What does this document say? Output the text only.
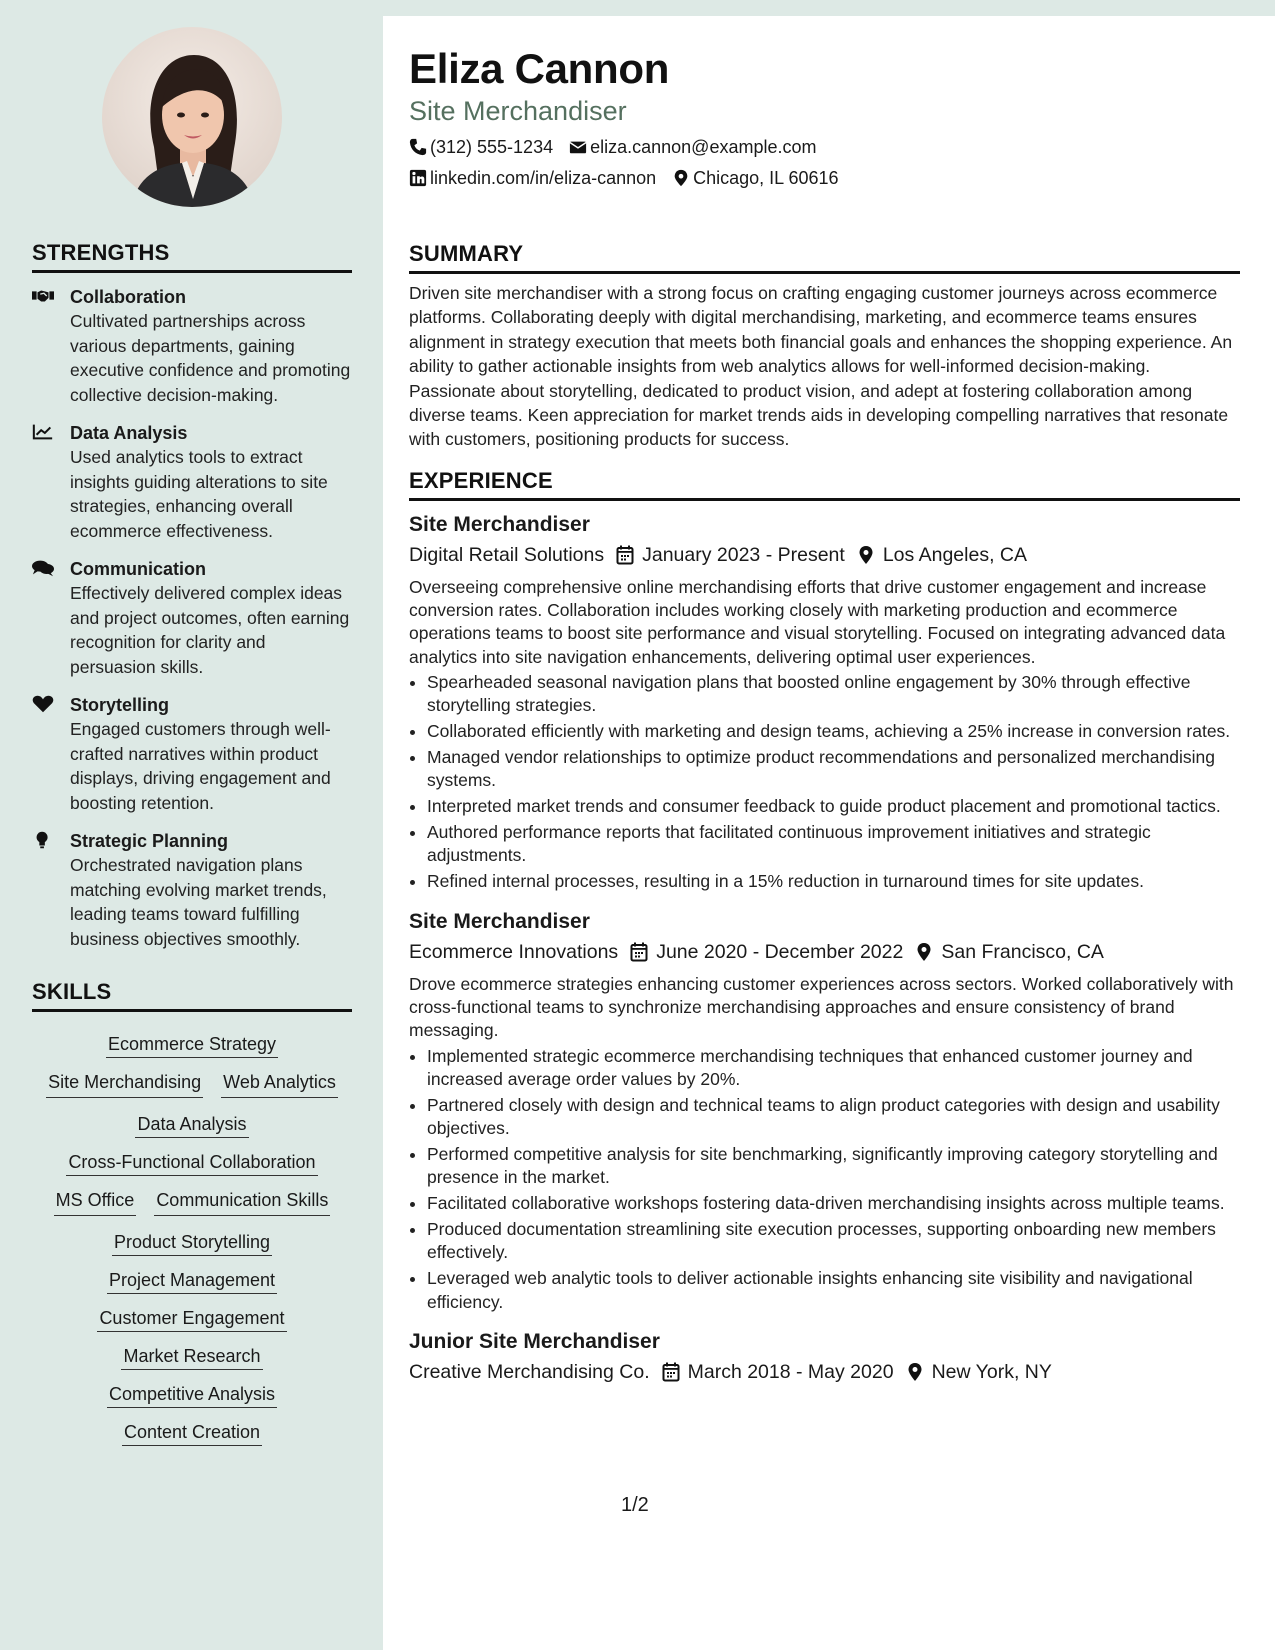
STRENGTHS
Collaboration
Cultivated partnerships across various departments, gaining executive confidence and promoting collective decision-making.
Data Analysis
Used analytics tools to extract insights guiding alterations to site strategies, enhancing overall ecommerce effectiveness.
Communication
Effectively delivered complex ideas and project outcomes, often earning recognition for clarity and persuasion skills.
Storytelling
Engaged customers through well-crafted narratives within product displays, driving engagement and boosting retention.
Strategic Planning
Orchestrated navigation plans matching evolving market trends, leading teams toward fulfilling business objectives smoothly.
SKILLS
Ecommerce Strategy
Site Merchandising Web Analytics
Data Analysis
Cross-Functional Collaboration
MS Office Communication Skills
Product Storytelling
Project Management
Customer Engagement
Market Research
Competitive Analysis
Content Creation
Eliza Cannon
Site Merchandiser
(312) 555-1234 eliza.cannon@example.com
linkedin.com/in/eliza-cannon Chicago, IL 60616
SUMMARY
Driven site merchandiser with a strong focus on crafting engaging customer journeys across ecommerce platforms. Collaborating deeply with digital merchandising, marketing, and ecommerce teams ensures alignment in strategy execution that meets both financial goals and enhances the shopping experience. An ability to gather actionable insights from web analytics allows for well-informed decision-making. Passionate about storytelling, dedicated to product vision, and adept at fostering collaboration among diverse teams. Keen appreciation for market trends aids in developing compelling narratives that resonate with customers, positioning products for success.
EXPERIENCE
Site Merchandiser
Digital Retail Solutions January 2023 - Present Los Angeles, CA
Overseeing comprehensive online merchandising efforts that drive customer engagement and increase conversion rates. Collaboration includes working closely with marketing production and ecommerce operations teams to boost site performance and visual storytelling. Focused on integrating advanced data analytics into site navigation enhancements, delivering optimal user experiences.
• Spearheaded seasonal navigation plans that boosted online engagement by 30% through effective storytelling strategies.
• Collaborated efficiently with marketing and design teams, achieving a 25% increase in conversion rates.
• Managed vendor relationships to optimize product recommendations and personalized merchandising systems.
• Interpreted market trends and consumer feedback to guide product placement and promotional tactics.
• Authored performance reports that facilitated continuous improvement initiatives and strategic adjustments.
• Refined internal processes, resulting in a 15% reduction in turnaround times for site updates.
Site Merchandiser
Ecommerce Innovations June 2020 - December 2022 San Francisco, CA
Drove ecommerce strategies enhancing customer experiences across sectors. Worked collaboratively with cross-functional teams to synchronize merchandising approaches and ensure consistency of brand messaging.
• Implemented strategic ecommerce merchandising techniques that enhanced customer journey and increased average order values by 20%.
• Partnered closely with design and technical teams to align product categories with design and usability objectives.
• Performed competitive analysis for site benchmarking, significantly improving category storytelling and presence in the market.
• Facilitated collaborative workshops fostering data-driven merchandising insights across multiple teams.
• Produced documentation streamlining site execution processes, supporting onboarding new members effectively.
• Leveraged web analytic tools to deliver actionable insights enhancing site visibility and navigational efficiency.
Junior Site Merchandiser
Creative Merchandising Co. March 2018 - May 2020 New York, NY
1/2
